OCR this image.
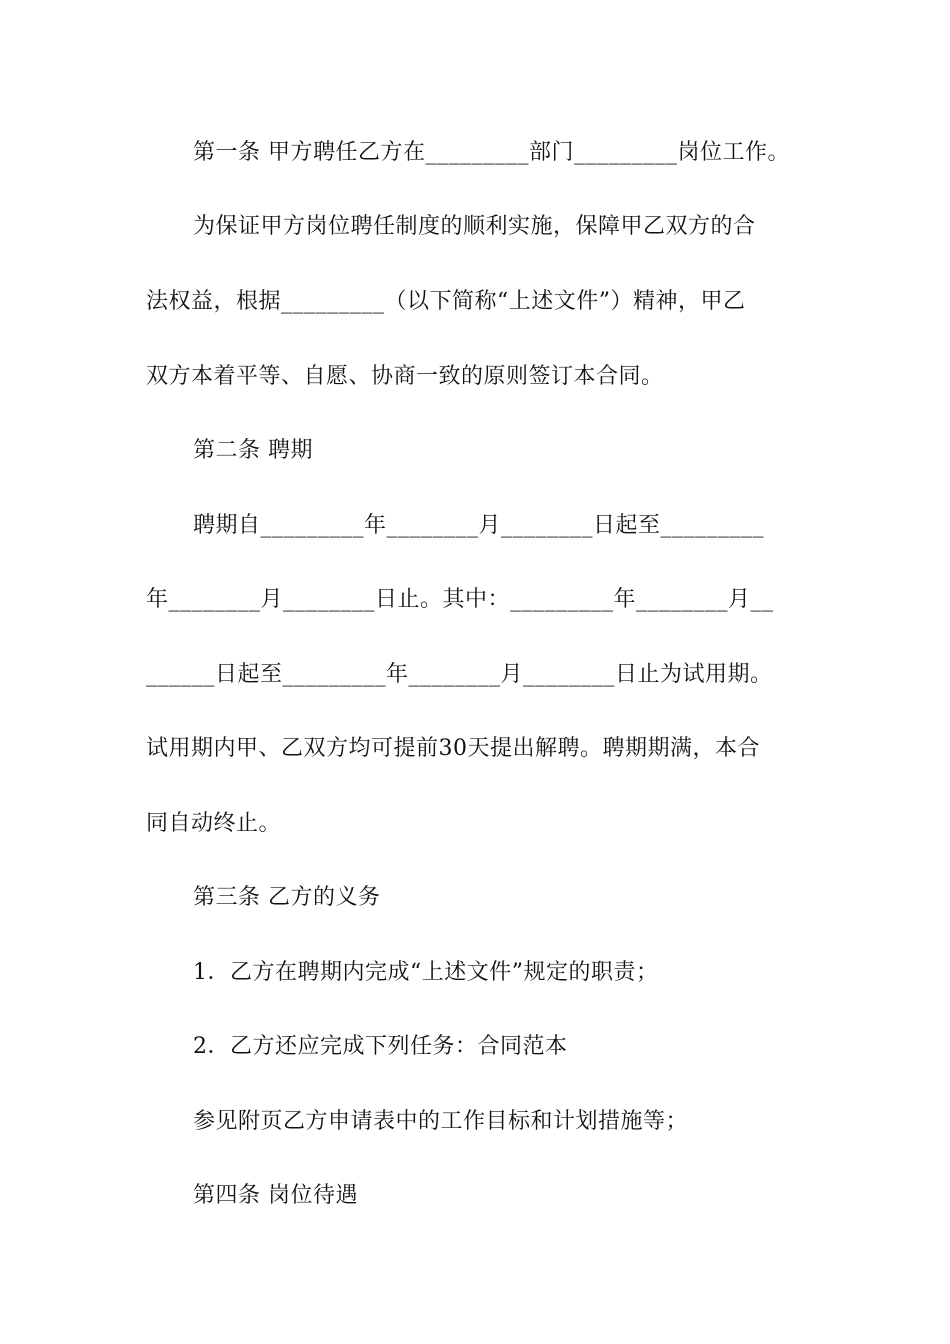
第一条 甲方聘任乙方在_________部门_________岗位工作。
为保证甲方岗位聘任制度的顺利实施，保障甲乙双方的合
法权益，根据_________（以下简称“上述文件”）精神，甲乙
双方本着平等、自愿、协商一致的原则签订本合同。
第二条 聘期
聘期自_________年________月________日起至_________
年________月________日止。其中：_________年________月__
______日起至_________年________月________日止为试用期。
试用期内甲、乙双方均可提前30天提出解聘。聘期期满，本合
同自动终止。
第三条 乙方的义务
1．乙方在聘期内完成“上述文件”规定的职责；
2．乙方还应完成下列任务：合同范本
参见附页乙方申请表中的工作目标和计划措施等；
第四条 岗位待遇
